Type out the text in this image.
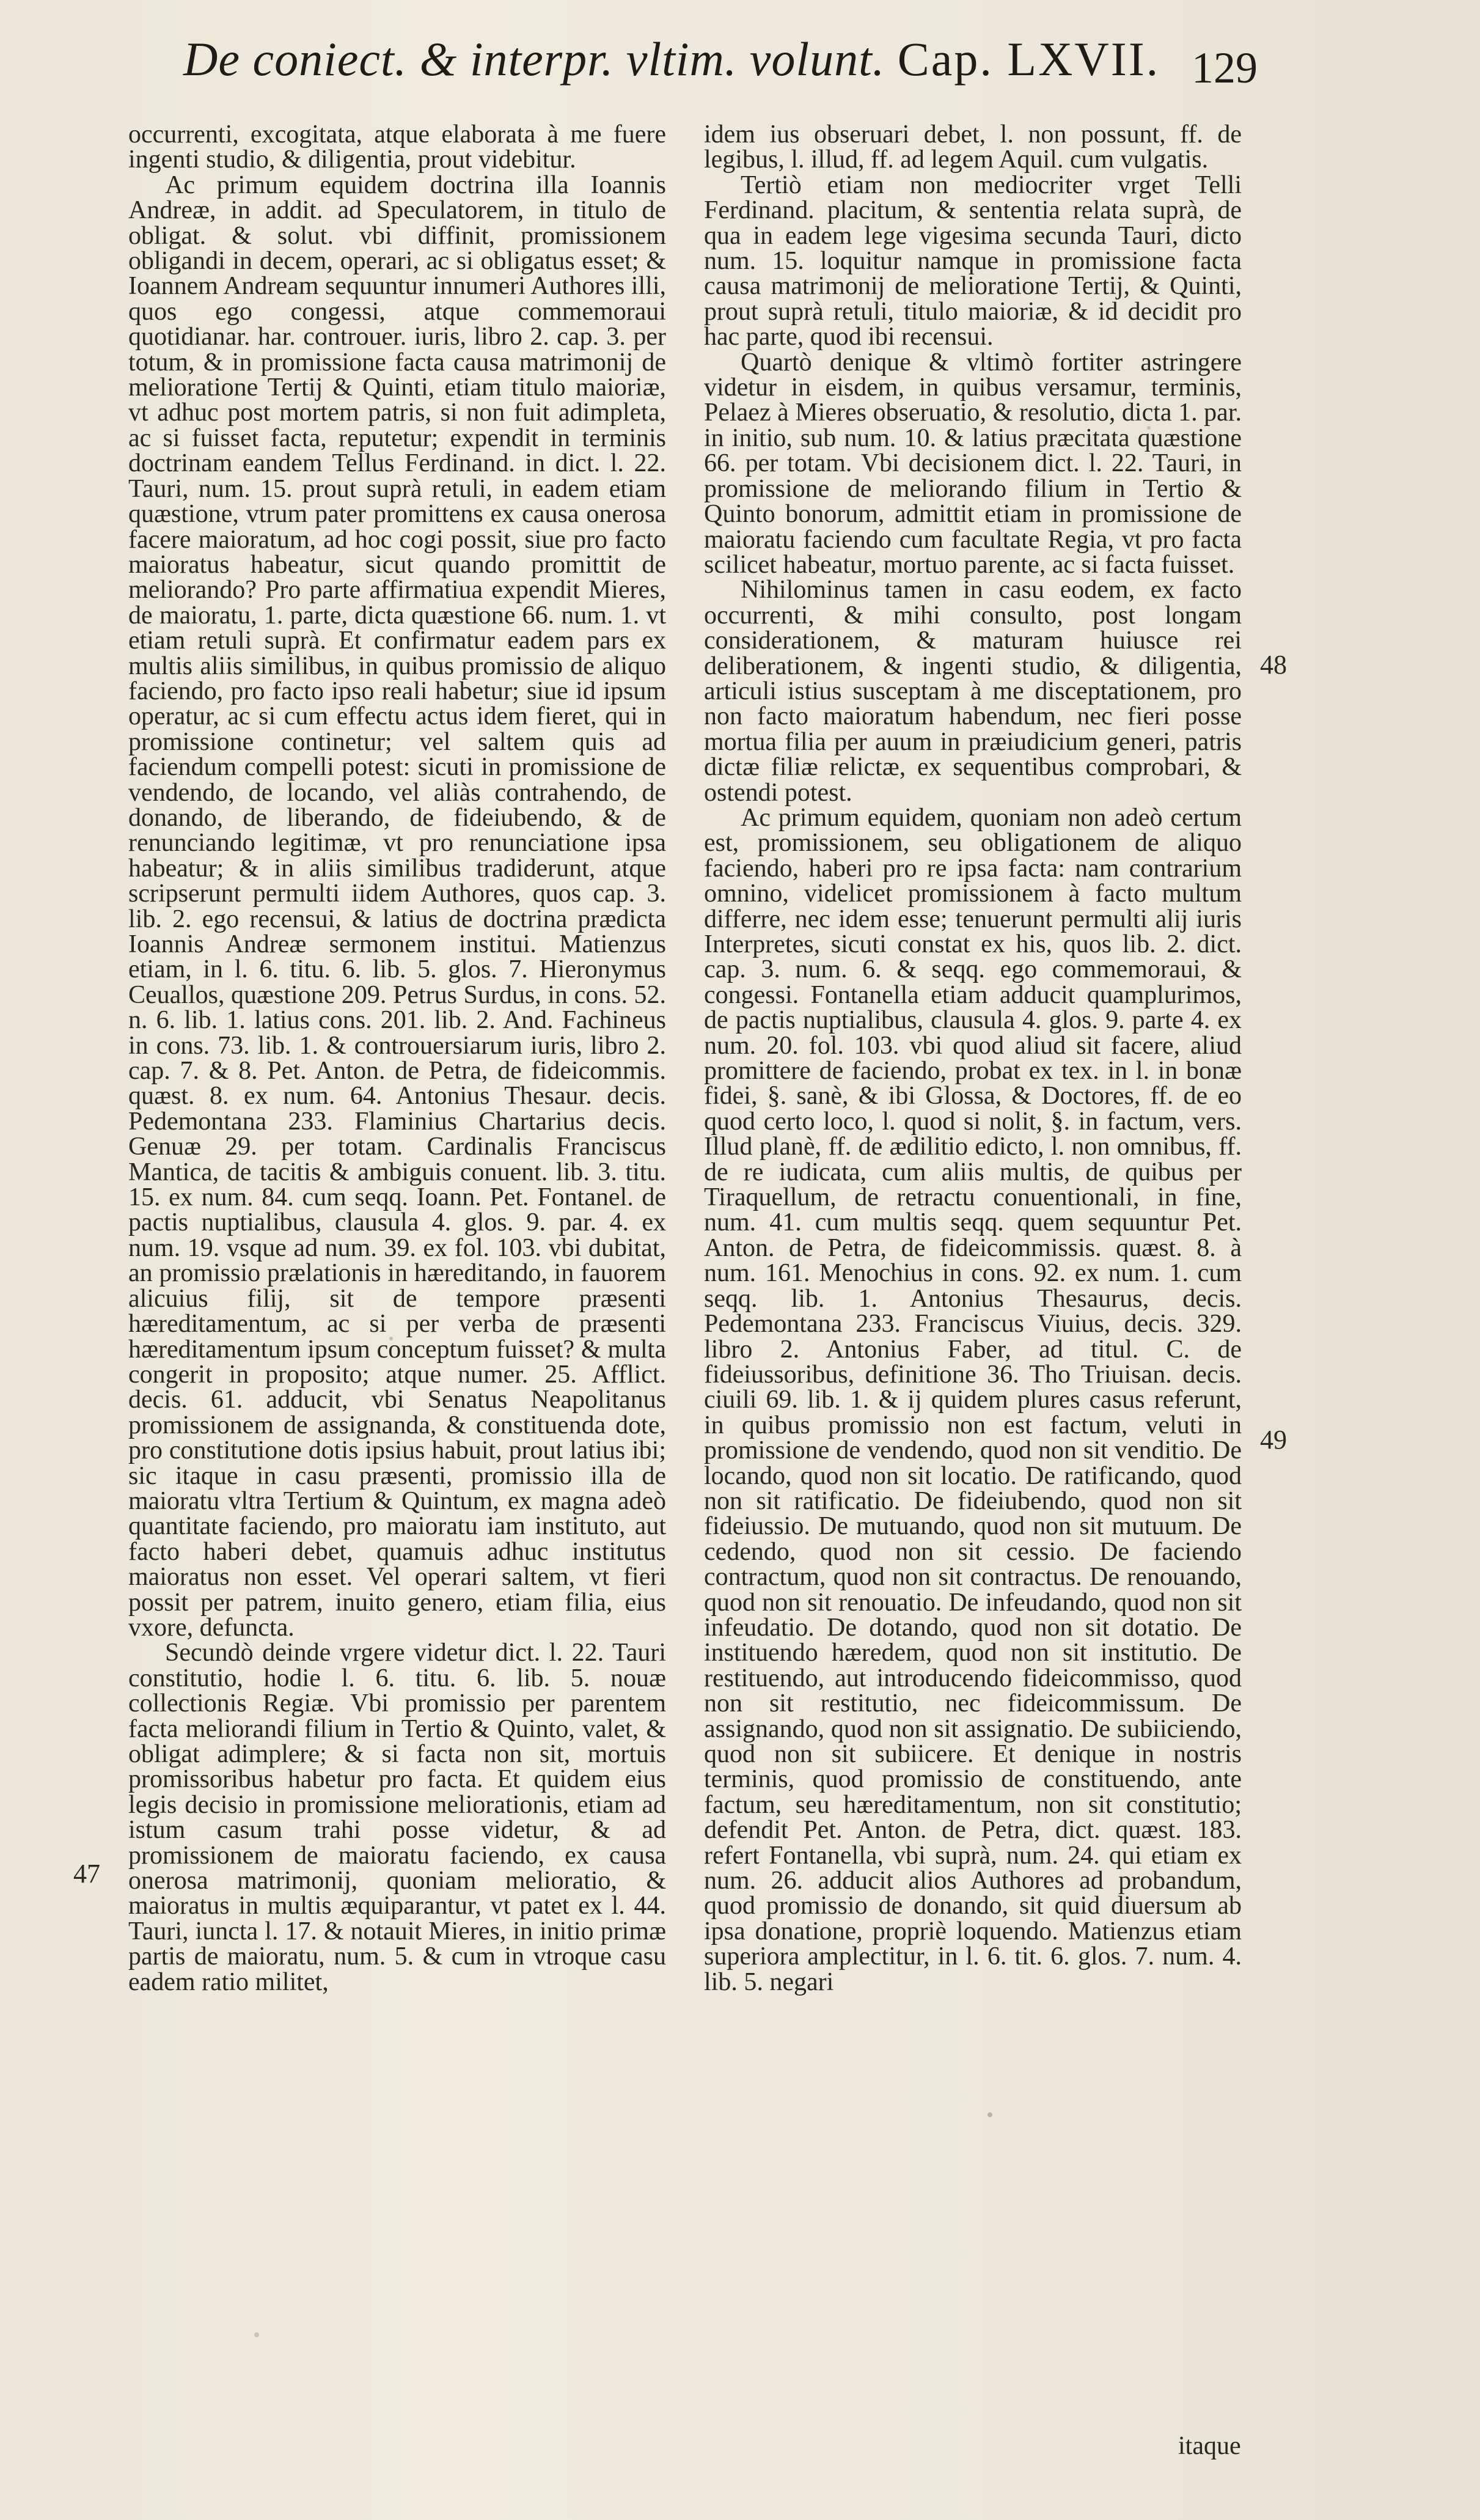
De coniect. & interpr. vltim. volunt. Cap. LXVII. 129

occurrenti, excogitata, atque elaborata à me fuere ingenti studio, & diligentia, prout videbitur.

Ac primum equidem doctrina illa Ioannis Andreæ, in addit. ad Speculatorem, in titulo de obligat. & solut. vbi diffinit, promissionem obligandi in decem, operari, ac si obligatus esset; & Ioannem Andream sequuntur innumeri Authores illi, quos ego congessi, atque commemoraui quotidianar. har. controuer. iuris, libro 2. cap. 3. per totum, & in promissione facta causa matrimonij de melioratione Tertij & Quinti, etiam titulo maioriæ, vt adhuc post mortem patris, si non fuit adimpleta, ac si fuisset facta, reputetur; expendit in terminis doctrinam eandem Tellus Ferdinand. in dict. l. 22. Tauri, num. 15. prout suprà retuli, in eadem etiam quæstione, vtrum pater promittens ex causa onerosa facere maioratum, ad hoc cogi possit, siue pro facto maioratus habeatur, sicut quando promittit de meliorando? Pro parte affirmatiua expendit Mieres, de maioratu, 1. parte, dicta quæstione 66. num. 1. vt etiam retuli suprà. Et confirmatur eadem pars ex multis aliis similibus, in quibus promissio de aliquo faciendo, pro facto ipso reali habetur; siue id ipsum operatur, ac si cum effectu actus idem fieret, qui in promissione continetur; vel saltem quis ad faciendum compelli potest: sicuti in promissione de vendendo, de locando, vel aliàs contrahendo, de donando, de liberando, de fideiubendo, & de renunciando legitimæ, vt pro renunciatione ipsa habeatur; & in aliis similibus tradiderunt, atque scripserunt permulti iidem Authores, quos cap. 3. lib. 2. ego recensui, & latius de doctrina prædicta Ioannis Andreæ sermonem institui. Matienzus etiam, in l. 6. titu. 6. lib. 5. glos. 7. Hieronymus Ceuallos, quæstione 209. Petrus Surdus, in cons. 52. n. 6. lib. 1. latius cons. 201. lib. 2. And. Fachineus in cons. 73. lib. 1. & controuersiarum iuris, libro 2. cap. 7. & 8. Pet. Anton. de Petra, de fideicommis. quæst. 8. ex num. 64. Antonius Thesaur. decis. Pedemontana 233. Flaminius Chartarius decis. Genuæ 29. per totam. Cardinalis Franciscus Mantica, de tacitis & ambiguis conuent. lib. 3. titu. 15. ex num. 84. cum seqq. Ioann. Pet. Fontanel. de pactis nuptialibus, clausula 4. glos. 9. par. 4. ex num. 19. vsque ad num. 39. ex fol. 103. vbi dubitat, an promissio prælationis in hæreditando, in fauorem alicuius filij, sit de tempore præsenti hæreditamentum, ac si per verba de præsenti hæreditamentum ipsum conceptum fuisset? & multa congerit in proposito; atque numer. 25. Afflict. decis. 61. adducit, vbi Senatus Neapolitanus promissionem de assignanda, & constituenda dote, pro constitutione dotis ipsius habuit, prout latius ibi; sic itaque in casu præsenti, promissio illa de maioratu vltra Tertium & Quintum, ex magna adeò quantitate faciendo, pro maioratu iam instituto, aut facto haberi debet, quamuis adhuc institutus maioratus non esset. Vel operari saltem, vt fieri possit per patrem, inuito genero, etiam filia, eius vxore, defuncta.

Secundò deinde vrgere videtur dict. l. 22. Tauri constitutio, hodie l. 6. titu. 6. lib. 5. nouæ collectionis Regiæ. Vbi promissio per parentem facta meliorandi filium in Tertio & Quinto, valet, & obligat adimplere; & si facta non sit, mortuis promissoribus habetur pro facta. Et quidem eius legis decisio in promissione meliorationis, etiam ad istum casum trahi posse videtur, & ad promissionem de maioratu faciendo, ex causa onerosa matrimonij, quoniam melioratio, & maioratus in multis æquiparantur, vt patet ex l. 44. Tauri, iuncta l. 17. & notauit Mieres, in initio primæ partis de maioratu, num. 5. & cum in vtroque casu eadem ratio militet,

idem ius obseruari debet, l. non possunt, ff. de legibus, l. illud, ff. ad legem Aquil. cum vulgatis.

Tertiò etiam non mediocriter vrget Telli Ferdinand. placitum, & sententia relata suprà, de qua in eadem lege vigesima secunda Tauri, dicto num. 15. loquitur namque in promissione facta causa matrimonij de melioratione Tertij, & Quinti, prout suprà retuli, titulo maioriæ, & id decidit pro hac parte, quod ibi recensui.

Quartò denique & vltimò fortiter astringere videtur in eisdem, in quibus versamur, terminis, Pelaez à Mieres obseruatio, & resolutio, dicta 1. par. in initio, sub num. 10. & latius præcitata quæstione 66. per totam. Vbi decisionem dict. l. 22. Tauri, in promissione de meliorando filium in Tertio & Quinto bonorum, admittit etiam in promissione de maioratu faciendo cum facultate Regia, vt pro facta scilicet habeatur, mortuo parente, ac si facta fuisset.

Nihilominus tamen in casu eodem, ex facto occurrenti, & mihi consulto, post longam considerationem, & maturam huiusce rei deliberationem, & ingenti studio, & diligentia, articuli istius susceptam à me disceptationem, pro non facto maioratum habendum, nec fieri posse mortua filia per auum in præiudicium generi, patris dictæ filiæ relictæ, ex sequentibus comprobari, & ostendi potest.

Ac primum equidem, quoniam non adeò certum est, promissionem, seu obligationem de aliquo faciendo, haberi pro re ipsa facta: nam contrarium omnino, videlicet promissionem à facto multum differre, nec idem esse; tenuerunt permulti alij iuris Interpretes, sicuti constat ex his, quos lib. 2. dict. cap. 3. num. 6. & seqq. ego commemoraui, & congessi. Fontanella etiam adducit quamplurimos, de pactis nuptialibus, clausula 4. glos. 9. parte 4. ex num. 20. fol. 103. vbi quod aliud sit facere, aliud promittere de faciendo, probat ex tex. in l. in bonæ fidei, §. sanè, & ibi Glossa, & Doctores, ff. de eo quod certo loco, l. quod si nolit, §. in factum, vers. Illud planè, ff. de ædilitio edicto, l. non omnibus, ff. de re iudicata, cum aliis multis, de quibus per Tiraquellum, de retractu conuentionali, in fine, num. 41. cum multis seqq. quem sequuntur Pet. Anton. de Petra, de fideicommissis. quæst. 8. à num. 161. Menochius in cons. 92. ex num. 1. cum seqq. lib. 1. Antonius Thesaurus, decis. Pedemontana 233. Franciscus Viuius, decis. 329. libro 2. Antonius Faber, ad titul. C. de fideiussoribus, definitione 36. Tho Triuisan. decis. ciuili 69. lib. 1. & ij quidem plures casus referunt, in quibus promissio non est factum, veluti in promissione de vendendo, quod non sit venditio. De locando, quod non sit locatio. De ratificando, quod non sit ratificatio. De fideiubendo, quod non sit fideiussio. De mutuando, quod non sit mutuum. De cedendo, quod non sit cessio. De faciendo contractum, quod non sit contractus. De renouando, quod non sit renouatio. De infeudando, quod non sit infeudatio. De dotando, quod non sit dotatio. De instituendo hæredem, quod non sit institutio. De restituendo, aut introducendo fideicommisso, quod non sit restitutio, nec fideicommissum. De assignando, quod non sit assignatio. De subiiciendo, quod non sit subiicere. Et denique in nostris terminis, quod promissio de constituendo, ante factum, seu hæreditamentum, non sit constitutio; defendit Pet. Anton. de Petra, dict. quæst. 183. refert Fontanella, vbi suprà, num. 24. qui etiam ex num. 26. adducit alios Authores ad probandum, quod promissio de donando, sit quid diuersum ab ipsa donatione, propriè loquendo. Matienzus etiam superiora amplectitur, in l. 6. tit. 6. glos. 7. num. 4. lib. 5. negari

47
48
49
itaque
